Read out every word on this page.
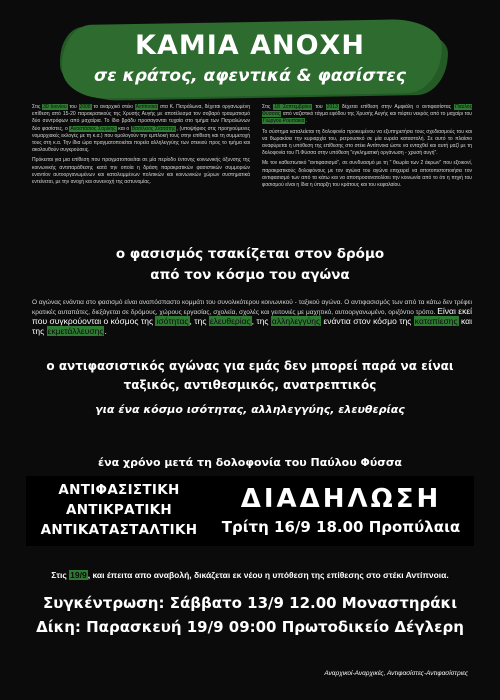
ΚΑΜΙΑ ΑΝΟΧΗ
σε κράτος, αφεντικά & φασίστες

Στις 30 Ιουνίου του 2008 το αναρχικό στέκι Αντίπνοια στα Κ. Πετράλωνα, δέχεται οργανωμένη επίθεση από 15-20 παρακρατικούς της Χρυσής Αυγής με αποτέλεσμα τον σοβαρό τραυματισμό δύο συντρόφων από μαχαίρια. Το ίδιο βράδυ προσαγονται τυχαία στο τμήμα των Πετραλώνων δύο φασίστες, ο Αναστάσιος Σαρίκης και ο Βασίλειος Σιαπάτης, (υποψήφιος στις προηγούμενες νομαρχιακές εκλογές με τη κ.α.) που ομολογούν την εμπλοκή τους στην επίθεση και τη συμμετοχή τους στη κ.α. Την ίδια ώρα πραγματοποιείται πορεία αλληλεγγύης των στεκιού προς το τμήμα και ακολουθούν συγκρούσεις.

Πρόκειται για μια επίθεση που πραγματοποιείται σε μία περίοδο έντονης κοινωνικής όξυνσης της κοινωνικής αντιπαράθεσης κατά την οποία η δράση παρακρατικών φασιστικών συμμοριών εναντίον αυτοοργανωμένων και καταλειμμένων πολιτικών και κοινωνικών χώρων συστηματικά εντείνεται, με την ανοχή και συνενοχή της αστυνομίας.

Στις 18 Σεπτεμβρίου του 2013 δέχεται επίθεση στην Αμφιάλη ο αντιφασίστας Παύλος Φύσσας από ναζιστικό τάγμα εφόδου της Χρυσής Αυγής και πέφτει νεκρός από το μαχαίρι του Γιώργου Ρουπακιά.

Το σύστημα καταλείεται τη δολοφονία προκειμένου να εξυπηρετήσει τους σχεδιασμούς του και να θωρακίσει την κυριαρχία του, ρετρουσικό σε μία ευρεία καταστολή. Σε αυτό το πλαίσιο αναφύρεται η υπόθεση της επίθεσης στο στέκι Αντίπνοια ώστε να ενταχθεί και αυτή μαζί με τη δολοφονία του Π.Φύσσα στην υπόθεση "εγκληματική οργάνωση - χρυσή αυγή".

Με τον καθεστωτικό "αντιφασισμό", σε συνδυασμό με τη " θεωρία των 2 άκρων" που εξοικονί, παρακρατικούς δολοφόνους με τον αγώνα του αγώνα επιχειρεί να αποτοπιστοποιήσει τον αντιφασισμό των από τα κάτω και να αποπροσανατολίσει την κοινωνία από το ότι η πηγή του φασισμού είναι η ίδια η ύπαρξη του κράτους και του κεφαλαίου.

ο φασισμός τσακίζεται στον δρόμο
από τον κόσμο του αγώνα
Ο αγώνας ενάντια στο φασισμό είναι αναπόσπαστο κομμάτι του συνολικότερου κοινωνικού - ταξικού αγώνα. Ο αντιφασισμός των από τα κάτω δεν τρέφει κρατικές αυταπάτες, διεξάγεται σε δρόμους, χώρους εργασίας, σχολεία, σχολές και γειτονιές με μαχητικό, αυτοοργανωμένο, οριζόντιο τρόπο. Είναι εκεί που συγκρούονται ο κόσμος της ισότητας, της ελευθερίας, της αλληλεγγύης ενάντια στον κόσμο της καταπίεσης και της εκμετάλλευσης.
ο αντιφασιστικός αγώνας για εμάς δεν μπορεί παρά να είναι
ταξικός, αντιθεσμικός, ανατρεπτικός
για ένα κόσμο ισότητας, αλληλεγγύης, ελευθερίας
ένα χρόνο μετά τη δολοφονία του Παύλου Φύσσα
ΑΝΤΙΦΑΣΙΣΤΙΚΗ
ΑΝΤΙΚΡΑΤΙΚΗ
ΑΝΤΙΚΑΤΑΣΤΑΛΤΙΚΗ
ΔΙΑΔΗΛΩΣΗ
Τρίτη 16/9 18.00 Προπύλαια
Στις 19/9, και έπειτα απο αναβολή, δικάζεται εκ νέου η υπόθεση της επίθεσης στο στέκι Αντίπνοια.
Συγκέντρωση: Σάββατο 13/9 12.00 Μοναστηράκι
Δίκη: Παρασκευή 19/9 09:00 Πρωτοδικείο Δέγλερη
Αναρχικοί-Αναρχικές, Αντιφασίστες-Αντιφασίστριες
